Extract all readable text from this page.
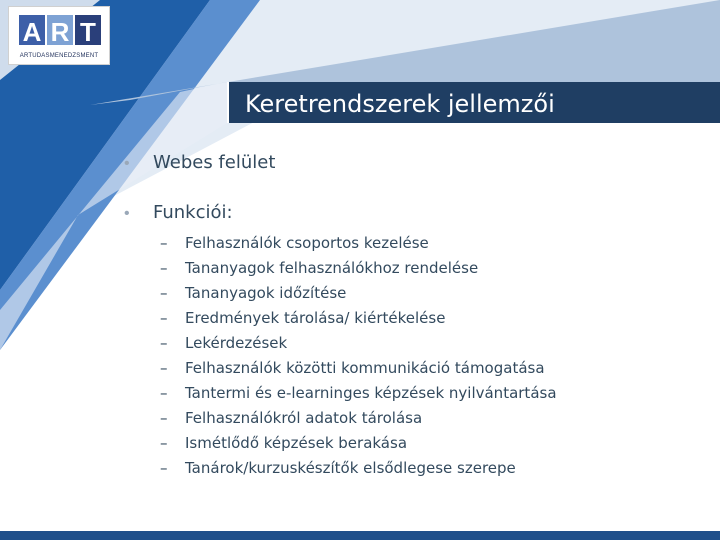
A R T
ARTUDASMENEDZSMENT
Keretrendszerek jellemzői
•	Webes felület
•	Funkciói:
–	Felhasználók csoportos kezelése
–	Tananyagok felhasználókhoz rendelése
–	Tananyagok időzítése
–	Eredmények tárolása/ kiértékelése
–	Lekérdezések
–	Felhasználók közötti kommunikáció támogatása
–	Tantermi és e-learninges képzések nyilvántartása
–	Felhasználókról adatok tárolása
–	Ismétlődő képzések berakása
–	Tanárok/kurzuskészítők elsődlegese szerepe
